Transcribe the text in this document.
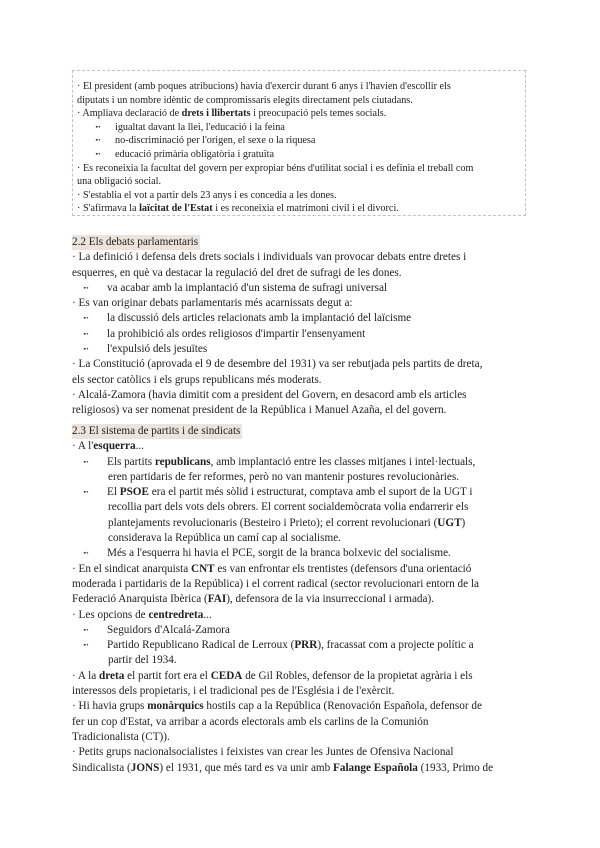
· El president (amb poques atribucions) havia d'exercir durant 6 anys i l'havien d'escollir els
diputats i un nombre idèntic de compromissaris elegits directament pels ciutadans.
· Ampliava declaració de drets i llibertats i preocupació pels temes socials.
➻ igualtat davant la llei, l'educació i la feina
➻ no-discriminació per l'origen, el sexe o la riquesa
➻ educació primària obligatòria i gratuïta
· Es reconeixia la facultat del govern per expropiar béns d'utilitat social i es definia el treball com
una obligació social.
· S'establia el vot a partir dels 23 anys i es concedia a les dones.
· S'afirmava la laïcitat de l'Estat i es reconeixia el matrimoni civil i el divorci.
2.2 Els debats parlamentaris
· La definició i defensa dels drets socials i individuals van provocar debats entre dretes i
esquerres, en què va destacar la regulació del dret de sufragi de les dones.
➻ va acabar amb la implantació d'un sistema de sufragi universal
· Es van originar debats parlamentaris més acarnissats degut a:
➻ la discussió dels articles relacionats amb la implantació del laïcisme
➻ la prohibició als ordes religiosos d'impartir l'ensenyament
➻ l'expulsió dels jesuïtes
· La Constitució (aprovada el 9 de desembre del 1931) va ser rebutjada pels partits de dreta,
els sector catòlics i els grups republicans més moderats.
· Alcalá-Zamora (havia dimitit com a president del Govern, en desacord amb els articles
religiosos) va ser nomenat president de la República i Manuel Azaña, el del govern.
2.3 El sistema de partits i de sindicats
· A l'esquerra...
➻ Els partits republicans, amb implantació entre les classes mitjanes i intel·lectuals,
eren partidaris de fer reformes, però no van mantenir postures revolucionàries.
➻ El PSOE era el partit més sòlid i estructurat, comptava amb el suport de la UGT i
recollia part dels vots dels obrers. El corrent socialdemòcrata volia endarrerir els
plantejaments revolucionaris (Besteiro i Prieto); el corrent revolucionari (UGT)
considerava la República un camí cap al socialisme.
➻ Més a l'esquerra hi havia el PCE, sorgit de la branca bolxevic del socialisme.
· En el sindicat anarquista CNT es van enfrontar els trentistes (defensors d'una orientació
moderada i partidaris de la República) i el corrent radical (sector revolucionari entorn de la
Federació Anarquista Ibèrica (FAI), defensora de la via insurreccional i armada).
· Les opcions de centredreta...
➻ Seguidors d'Alcalá-Zamora
➻ Partido Republicano Radical de Lerroux (PRR), fracassat com a projecte polític a
partir del 1934.
· A la dreta el partit fort era el CEDA de Gil Robles, defensor de la propietat agrària i els
interessos dels propietaris, i el tradicional pes de l'Església i de l'exèrcit.
· Hi havia grups monàrquics hostils cap a la República (Renovación Española, defensor de
fer un cop d'Estat, va arribar a acords electorals amb els carlins de la Comunión
Tradicionalista (CT)).
· Petits grups nacionalsocialistes i feixistes van crear les Juntes de Ofensiva Nacional
Sindicalista (JONS) el 1931, que més tard es va unir amb Falange Española (1933, Primo de
